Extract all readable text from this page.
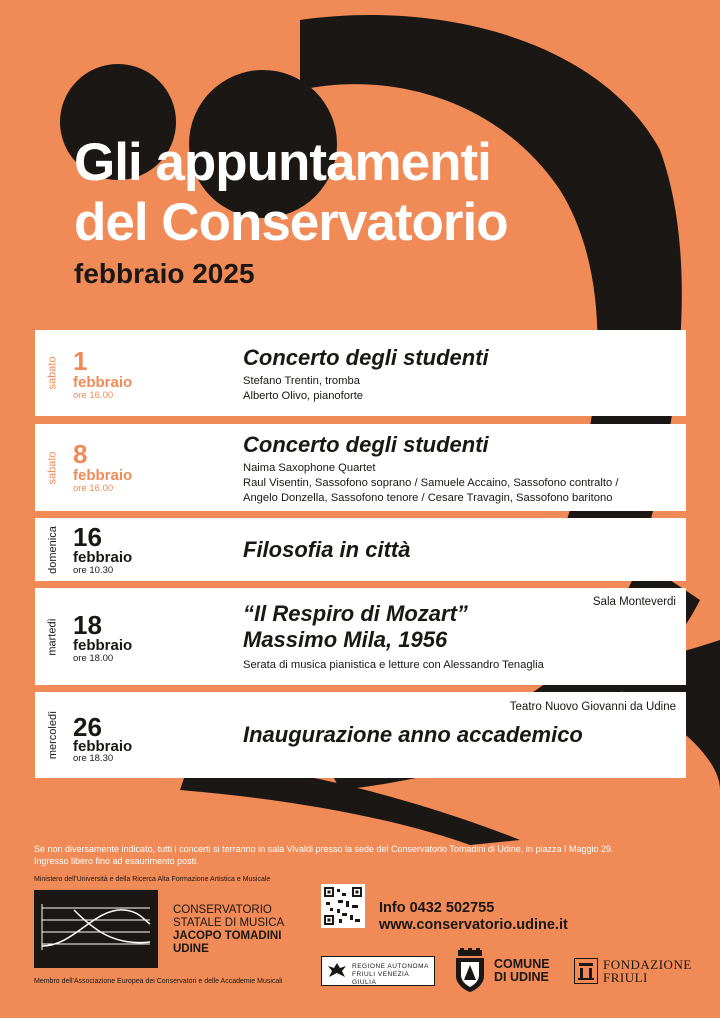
Gli appuntamenti
del Conservatorio
febbraio 2025
sabato 1
febbraio
ore 16.00
Concerto degli studenti
Stefano Trentin, tromba
Alberto Olivo, pianoforte
sabato 8
febbraio
ore 16.00
Concerto degli studenti
Naima Saxophone Quartet
Raul Visentin, Sassofono soprano / Samuele Accaino, Sassofono contralto /
Angelo Donzella, Sassofono tenore / Cesare Travagin, Sassofono baritono
domenica 16
febbraio
ore 10.30
Filosofia in città
martedì 18
febbraio
ore 18.00
Sala Monteverdi
“Il Respiro di Mozart”
Massimo Mila, 1956
Serata di musica pianistica e letture con Alessandro Tenaglia
mercoledì 26
febbraio
ore 18.30
Teatro Nuovo Giovanni da Udine
Inaugurazione anno accademico
Se non diversamente indicato, tutti i concerti si terranno in sala Vivaldi presso la sede del Conservatorio Tomadini di Udine, in piazza I Maggio 29.
Ingresso libero fino ad esaurimento posti.
Ministero dell'Università e della Ricerca Alta Formazione Artistica e Musicale
CONSERVATORIO
STATALE DI MUSICA
JACOPO TOMADINI
UDINE
Membro dell'Associazione Europea dei Conservatori e delle Accademie Musicali
Info 0432 502755
www.conservatorio.udine.it
REGIONE AUTONOMA
FRIULI VENEZIA GIULIA
COMUNE
DI UDINE
FONDAZIONE
FRIULI
